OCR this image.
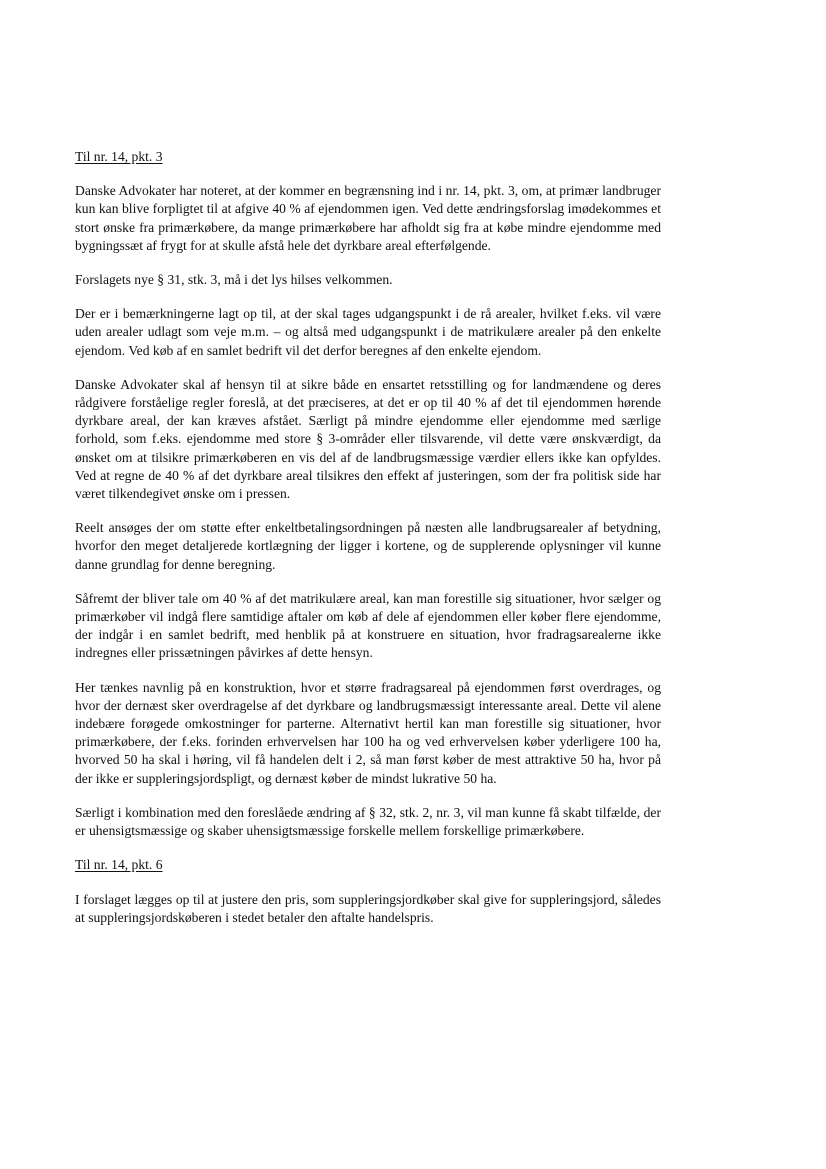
Til nr. 14, pkt. 3

Danske Advokater har noteret, at der kommer en begrænsning ind i nr. 14, pkt. 3, om, at primær landbruger kun kan blive forpligtet til at afgive 40 % af ejendommen igen. Ved dette ændringsforslag imødekommes et stort ønske fra primærkøbere, da mange primærkøbere har afholdt sig fra at købe mindre ejendomme med bygningssæt af frygt for at skulle afstå hele det dyrkbare areal efterfølgende.

Forslagets nye § 31, stk. 3, må i det lys hilses velkommen.

Der er i bemærkningerne lagt op til, at der skal tages udgangspunkt i de rå arealer, hvilket f.eks. vil være uden arealer udlagt som veje m.m. – og altså med udgangspunkt i de matrikulære arealer på den enkelte ejendom. Ved køb af en samlet bedrift vil det derfor beregnes af den enkelte ejendom.

Danske Advokater skal af hensyn til at sikre både en ensartet retsstilling og for landmændene og deres rådgivere forståelige regler foreslå, at det præciseres, at det er op til 40 % af det til ejendommen hørende dyrkbare areal, der kan kræves afstået. Særligt på mindre ejendomme eller ejendomme med særlige forhold, som f.eks. ejendomme med store § 3-områder eller tilsvarende, vil dette være ønskværdigt, da ønsket om at tilsikre primærkøberen en vis del af de landbrugsmæssige værdier ellers ikke kan opfyldes. Ved at regne de 40 % af det dyrkbare areal tilsikres den effekt af justeringen, som der fra politisk side har været tilkendegivet ønske om i pressen.

Reelt ansøges der om støtte efter enkeltbetalingsordningen på næsten alle landbrugsarealer af betydning, hvorfor den meget detaljerede kortlægning der ligger i kortene, og de supplerende oplysninger vil kunne danne grundlag for denne beregning.

Såfremt der bliver tale om 40 % af det matrikulære areal, kan man forestille sig situationer, hvor sælger og primærkøber vil indgå flere samtidige aftaler om køb af dele af ejendommen eller køber flere ejendomme, der indgår i en samlet bedrift, med henblik på at konstruere en situation, hvor fradragsarealerne ikke indregnes eller prissætningen påvirkes af dette hensyn.

Her tænkes navnlig på en konstruktion, hvor et større fradragsareal på ejendommen først overdrages, og hvor der dernæst sker overdragelse af det dyrkbare og landbrugsmæssigt interessante areal. Dette vil alene indebære forøgede omkostninger for parterne. Alternativt hertil kan man forestille sig situationer, hvor primærkøbere, der f.eks. forinden erhvervelsen har 100 ha og ved erhvervelsen køber yderligere 100 ha, hvorved 50 ha skal i høring, vil få handelen delt i 2, så man først køber de mest attraktive 50 ha, hvor på der ikke er suppleringsjordspligt, og dernæst køber de mindst lukrative 50 ha.

Særligt i kombination med den foreslåede ændring af § 32, stk. 2, nr. 3, vil man kunne få skabt tilfælde, der er uhensigtsmæssige og skaber uhensigtsmæssige forskelle mellem forskellige primærkøbere.

Til nr. 14, pkt. 6

I forslaget lægges op til at justere den pris, som suppleringsjordkøber skal give for suppleringsjord, således at suppleringsjordskøberen i stedet betaler den aftalte handelspris.
